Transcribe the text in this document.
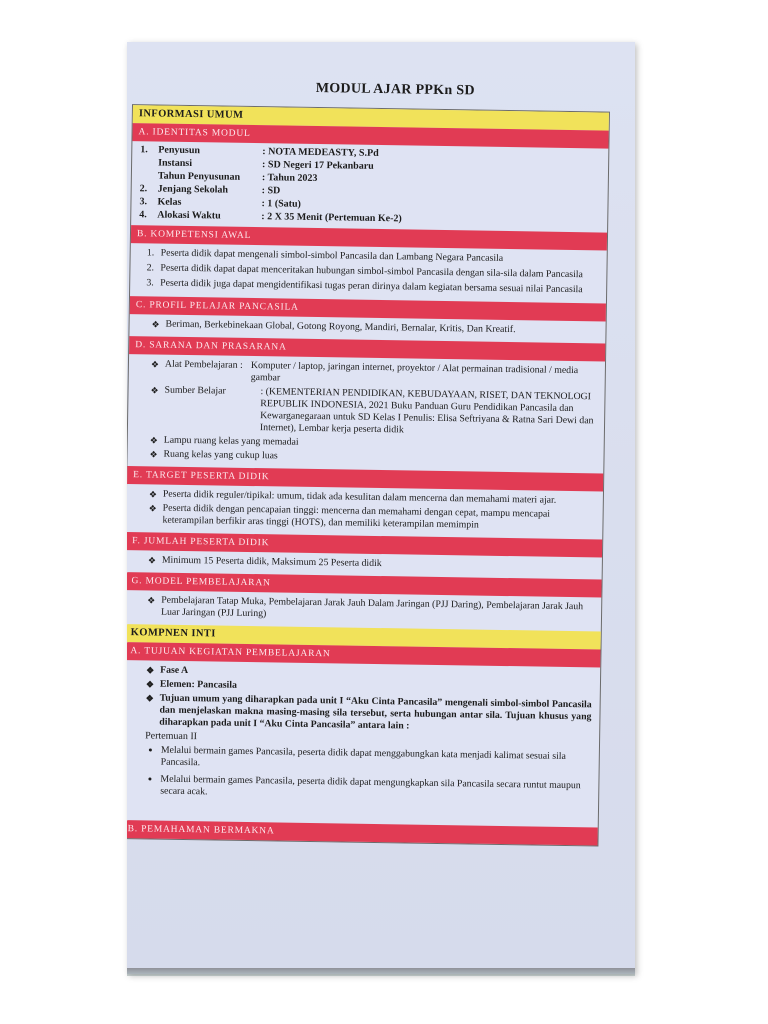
MODUL AJAR PPKn SD
INFORMASI UMUM
A. IDENTITAS MODUL
1.	Penyusun	: NOTA MEDEASTY, S.Pd
Instansi	: SD Negeri 17 Pekanbaru
Tahun Penyusunan	: Tahun 2023
2.	Jenjang Sekolah	: SD
3.	Kelas	: 1 (Satu)
4.	Alokasi Waktu	: 2 X 35 Menit (Pertemuan Ke-2)
B. KOMPETENSI AWAL
1. Peserta didik dapat mengenali simbol-simbol Pancasila dan Lambang Negara Pancasila
2. Peserta didik dapat dapat menceritakan hubungan simbol-simbol Pancasila dengan sila-sila dalam Pancasila
3. Peserta didik juga dapat mengidentifikasi tugas peran dirinya dalam kegiatan bersama sesuai nilai Pancasila
C. PROFIL PELAJAR PANCASILA
❖ Beriman, Berkebinekaan Global, Gotong Royong, Mandiri, Bernalar, Kritis, Dan Kreatif.
D. SARANA DAN PRASARANA
❖ Alat Pembelajaran : Komputer / laptop, jaringan internet, proyektor / Alat permainan tradisional / media gambar
❖ Sumber Belajar	: (KEMENTERIAN PENDIDIKAN, KEBUDAYAAN, RISET, DAN TEKNOLOGI REPUBLIK INDONESIA, 2021 Buku Panduan Guru Pendidikan Pancasila dan Kewarganegaraan untuk SD Kelas I Penulis: Elisa Seftriyana & Ratna Sari Dewi dan Internet), Lembar kerja peserta didik
❖ Lampu ruang kelas yang memadai
❖ Ruang kelas yang cukup luas
E. TARGET PESERTA DIDIK
❖ Peserta didik reguler/tipikal: umum, tidak ada kesulitan dalam mencerna dan memahami materi ajar.
❖ Peserta didik dengan pencapaian tinggi: mencerna dan memahami dengan cepat, mampu mencapai keterampilan berfikir aras tinggi (HOTS), dan memiliki keterampilan memimpin
F. JUMLAH PESERTA DIDIK
❖ Minimum 15 Peserta didik, Maksimum 25 Peserta didik
G. MODEL PEMBELAJARAN
❖ Pembelajaran Tatap Muka, Pembelajaran Jarak Jauh Dalam Jaringan (PJJ Daring), Pembelajaran Jarak Jauh Luar Jaringan (PJJ Luring)
KOMPNEN INTI
A. TUJUAN KEGIATAN PEMBELAJARAN
❖ Fase A
❖ Elemen: Pancasila
❖ Tujuan umum yang diharapkan pada unit I “Aku Cinta Pancasila” mengenali simbol-simbol Pancasila dan menjelaskan makna masing-masing sila tersebut, serta hubungan antar sila. Tujuan khusus yang diharapkan pada unit I “Aku Cinta Pancasila” antara lain :
Pertemuan II
• Melalui bermain games Pancasila, peserta didik dapat menggabungkan kata menjadi kalimat sesuai sila Pancasila.
• Melalui bermain games Pancasila, peserta didik dapat mengungkapkan sila Pancasila secara runtut maupun secara acak.
B. PEMAHAMAN BERMAKNA
